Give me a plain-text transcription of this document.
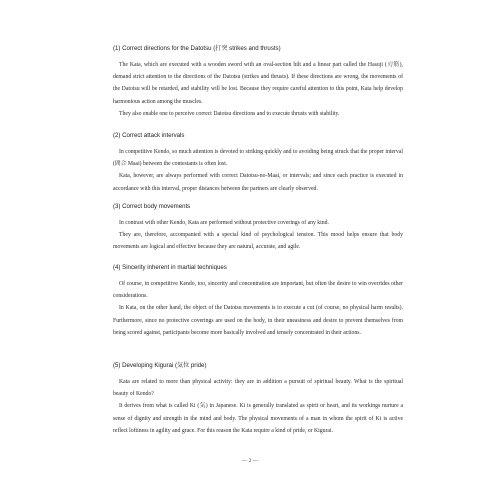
(1) Correct directions for the Datotsu (打突 strikes and thrusts)

The Kata, which are executed with a wooden sword with an oval-section hilt and a linear part called the Hasuji (刃筋), demand strict attention to the directions of the Datotsu (strikes and thrusts). If these directions are wrong, the movements of the Datotsu will be retarded, and stability will be lost. Because they require careful attention to this point, Kata help develop harmonious action among the muscles.

They also enable one to perceive correct Datotsu directions and to execute thrusts with stability.

(2) Correct attack intervals

In competitive Kendo, so much attention is devoted to striking quickly and to avoiding being struck that the proper interval (間合 Maai) between the contestants is often lost.

Kata, however, are always performed with correct Datotsu-no-Maai, or intervals; and since each practice is executed in accordance with this interval, proper distances between the partners are clearly observed.

(3) Correct body movements

In contrast with other Kendo, Kata are performed without protective coverings of any kind.

They are, therefore, accompanied with a special kind of psychological tension. This mood helps ensure that body movements are logical and effective because they are natural, accurate, and agile.

(4) Sincerity inherent in martial techniques

Of course, in competitive Kendo, too, sincerity and concentration are important, but often the desire to win overrides other considerations.

In Kata, on the other hand, the object of the Datotsu movements is to execute a cut (of course, no physical harm results). Furthermore, since no protective coverings are used on the body, in their uneasiness and desire to prevent themselves from being scored against, participants become more basically involved and tensely concentrated in their actions.

(5) Developing Kigurai (気位 pride)

Kata are related to more than physical activity: they are in addition a pursuit of spiritual beauty. What is the spiritual beauty of Kendo?

It derives from what is called Ki (気) in Japanese. Ki is generally translated as spirit or heart, and its workings nurture a sense of dignity and strength in the mind and body. The physical movements of a man in whom the spirit of Ki is active reflect loftiness in agility and grace. For this reason the Kata require a kind of pride, or Kigurai.

— 2 —
